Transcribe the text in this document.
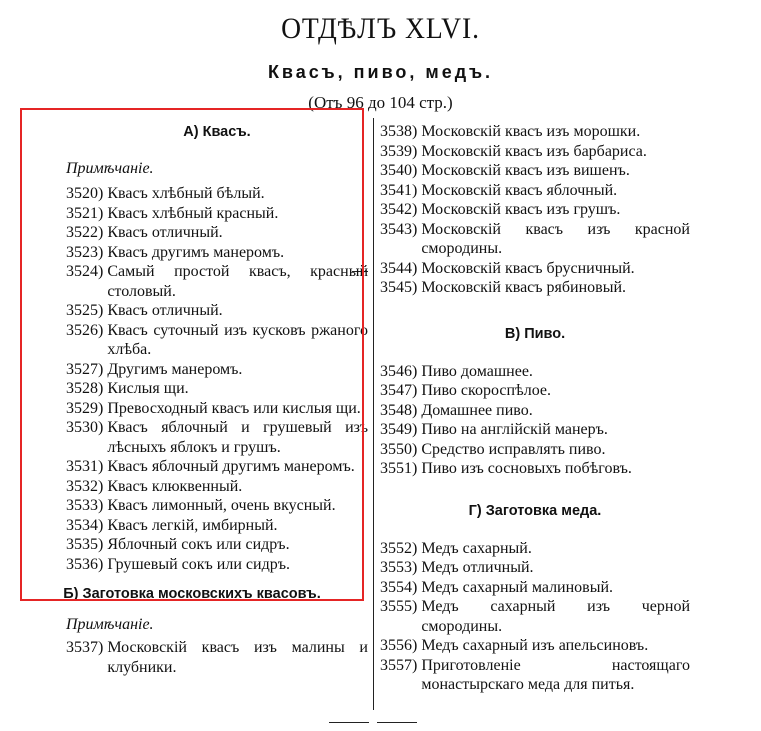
ОТДѢЛЪ XLVI.
Квасъ, пиво, медъ.
(Отъ 96 до 104 стр.)
А) Квасъ.
Примѣчаніе.
3520) Квасъ хлѣбный бѣлый.
3521) Квасъ хлѣбный красный.
3522) Квасъ отличный.
3523) Квасъ другимъ манеромъ.
3524) Самый простой квасъ, красный столовый.
3525) Квасъ отличный.
3526) Квасъ суточный изъ кусковъ ржаного хлѣба.
3527) Другимъ манеромъ.
3528) Кислыя щи.
3529) Превосходный квасъ или кислыя щи.
3530) Квасъ яблочный и грушевый изъ лѣсныхъ яблокъ и грушъ.
3531) Квасъ яблочный другимъ манеромъ.
3532) Квасъ клюквенный.
3533) Квасъ лимонный, очень вкусный.
3534) Квасъ легкій, имбирный.
3535) Яблочный сокъ или сидръ.
3536) Грушевый сокъ или сидръ.
Б) Заготовка московскихъ квасовъ.
Примѣчаніе.
3537) Московскій квасъ изъ малины и клубники.
3538) Московскій квасъ изъ морошки.
3539) Московскій квасъ изъ барбариса.
3540) Московскій квасъ изъ вишенъ.
3541) Московскій квасъ яблочный.
3542) Московскій квасъ изъ грушъ.
3543) Московскій квасъ изъ красной смородины.
3544) Московскій квасъ брусничный.
3545) Московскій квасъ рябиновый.
В) Пиво.
3546) Пиво домашнее.
3547) Пиво скороспѣлое.
3548) Домашнее пиво.
3549) Пиво на англійскій манеръ.
3550) Средство исправлять пиво.
3551) Пиво изъ сосновыхъ побѣговъ.
Г) Заготовка меда.
3552) Медъ сахарный.
3553) Медъ отличный.
3554) Медъ сахарный малиновый.
3555) Медъ сахарный изъ черной смородины.
3556) Медъ сахарный изъ апельсиновъ.
3557) Приготовленіе настоящаго монастырскаго меда для питья.
